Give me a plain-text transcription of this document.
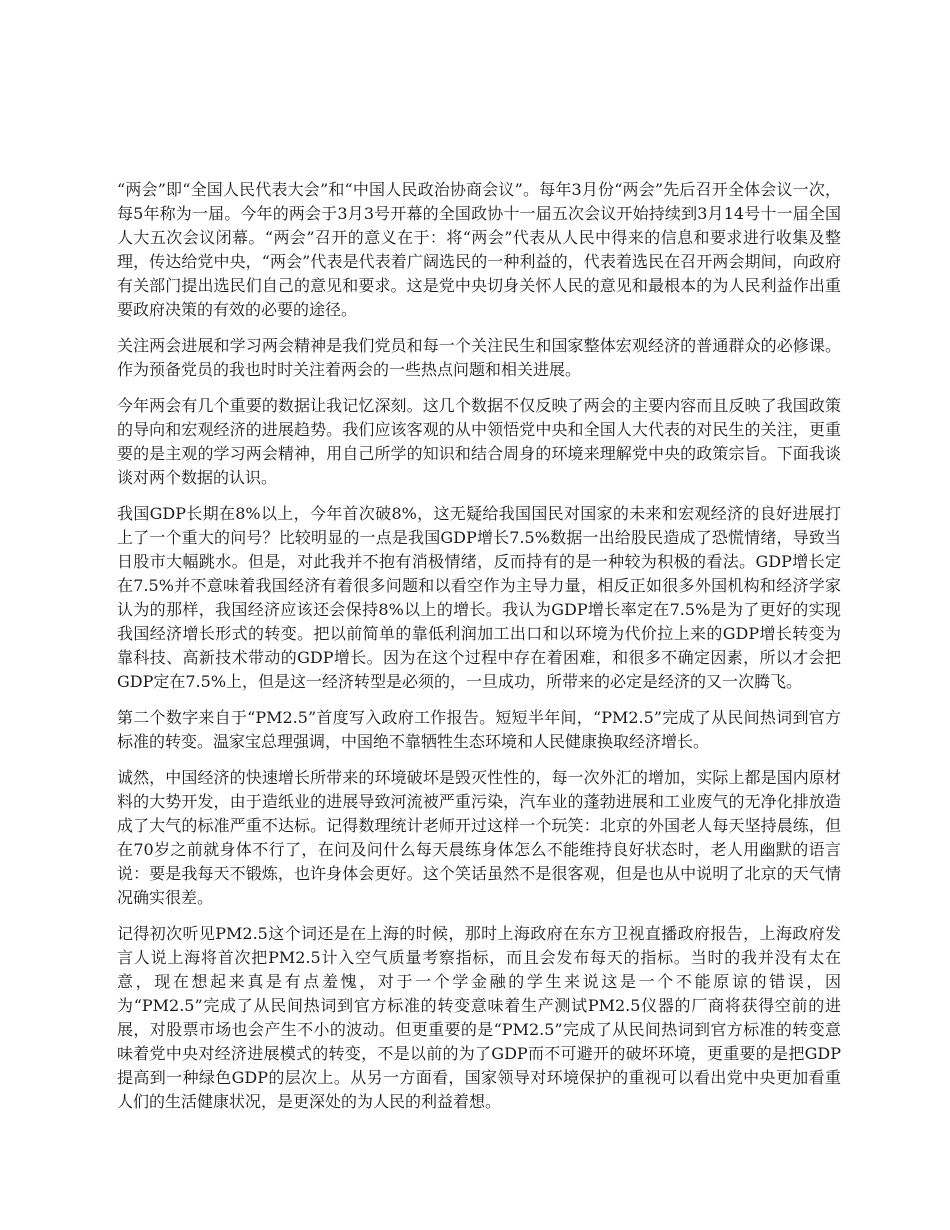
“两会”即“全国人民代表大会”和“中国人民政治协商会议”。每年3月份“两会”先后召开全体会议一次，每5年称为一届。今年的两会于3月3号开幕的全国政协十一届五次会议开始持续到3月14号十一届全国人大五次会议闭幕。“两会”召开的意义在于：将“两会”代表从人民中得来的信息和要求进行收集及整理，传达给党中央，“两会”代表是代表着广阔选民的一种利益的，代表着选民在召开两会期间，向政府有关部门提出选民们自己的意见和要求。这是党中央切身关怀人民的意见和最根本的为人民利益作出重要政府决策的有效的必要的途径。

关注两会进展和学习两会精神是我们党员和每一个关注民生和国家整体宏观经济的普通群众的必修课。作为预备党员的我也时时关注着两会的一些热点问题和相关进展。

今年两会有几个重要的数据让我记忆深刻。这几个数据不仅反映了两会的主要内容而且反映了我国政策的导向和宏观经济的进展趋势。我们应该客观的从中领悟党中央和全国人大代表的对民生的关注，更重要的是主观的学习两会精神，用自己所学的知识和结合周身的环境来理解党中央的政策宗旨。下面我谈谈对两个数据的认识。

我国GDP长期在8%以上，今年首次破8%，这无疑给我国国民对国家的未来和宏观经济的良好进展打上了一个重大的问号？比较明显的一点是我国GDP增长7.5%数据一出给股民造成了恐慌情绪，导致当日股市大幅跳水。但是，对此我并不抱有消极情绪，反而持有的是一种较为积极的看法。GDP增长定在7.5%并不意味着我国经济有着很多问题和以看空作为主导力量，相反正如很多外国机构和经济学家认为的那样，我国经济应该还会保持8%以上的增长。我认为GDP增长率定在7.5%是为了更好的实现我国经济增长形式的转变。把以前简单的靠低利润加工出口和以环境为代价拉上来的GDP增长转变为靠科技、高新技术带动的GDP增长。因为在这个过程中存在着困难，和很多不确定因素，所以才会把GDP定在7.5%上，但是这一经济转型是必须的，一旦成功，所带来的必定是经济的又一次腾飞。

第二个数字来自于“PM2.5”首度写入政府工作报告。短短半年间，“PM2.5”完成了从民间热词到官方标准的转变。温家宝总理强调，中国绝不靠牺牲生态环境和人民健康换取经济增长。

诚然，中国经济的快速增长所带来的环境破坏是毁灭性性的，每一次外汇的增加，实际上都是国内原材料的大势开发，由于造纸业的进展导致河流被严重污染，汽车业的蓬勃进展和工业废气的无净化排放造成了大气的标准严重不达标。记得数理统计老师开过这样一个玩笑：北京的外国老人每天坚持晨练，但在70岁之前就身体不行了，在问及问什么每天晨练身体怎么不能维持良好状态时，老人用幽默的语言说：要是我每天不锻炼，也许身体会更好。这个笑话虽然不是很客观，但是也从中说明了北京的天气情况确实很差。

记得初次听见PM2.5这个词还是在上海的时候，那时上海政府在东方卫视直播政府报告，上海政府发言人说上海将首次把PM2.5计入空气质量考察指标，而且会发布每天的指标。当时的我并没有太在意，现在想起来真是有点羞愧，对于一个学金融的学生来说这是一个不能原谅的错误，因为“PM2.5”完成了从民间热词到官方标准的转变意味着生产测试PM2.5仪器的厂商将获得空前的进展，对股票市场也会产生不小的波动。但更重要的是“PM2.5”完成了从民间热词到官方标准的转变意味着党中央对经济进展模式的转变，不是以前的为了GDP而不可避开的破坏环境，更重要的是把GDP提高到一种绿色GDP的层次上。从另一方面看，国家领导对环境保护的重视可以看出党中央更加看重人们的生活健康状况，是更深处的为人民的利益着想。
